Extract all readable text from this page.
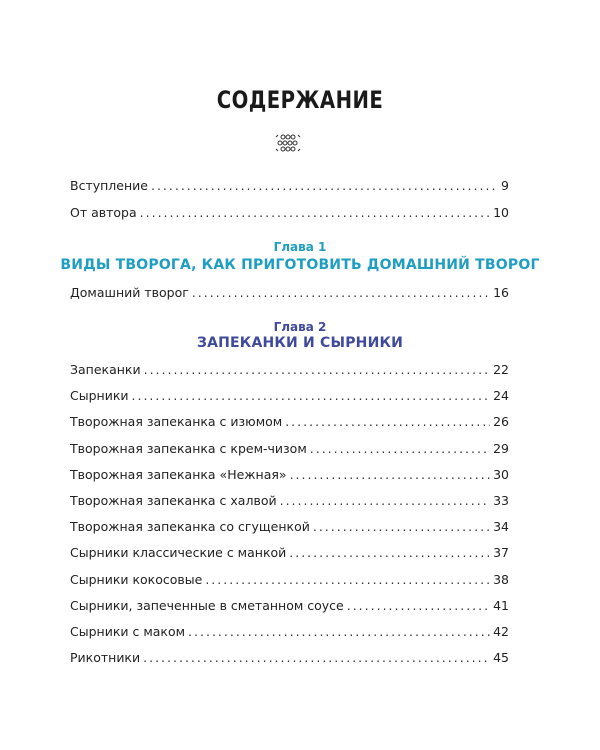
СОДЕРЖАНИЕ
Вступление .....	9
От автора .....	10
Глава 1
ВИДЫ ТВОРОГА, КАК ПРИГОТОВИТЬ ДОМАШНИЙ ТВОРОГ
Домашний творог .....	16
Глава 2
ЗАПЕКАНКИ И СЫРНИКИ
Запеканки .....	22
Сырники .....	24
Творожная запеканка с изюмом .....	26
Творожная запеканка с крем-чизом .....	29
Творожная запеканка «Нежная» .....	30
Творожная запеканка с халвой .....	33
Творожная запеканка со сгущенкой .....	34
Сырники классические с манкой .....	37
Сырники кокосовые .....	38
Сырники, запеченные в сметанном соусе .....	41
Сырники с маком .....	42
Рикотники .....	45
